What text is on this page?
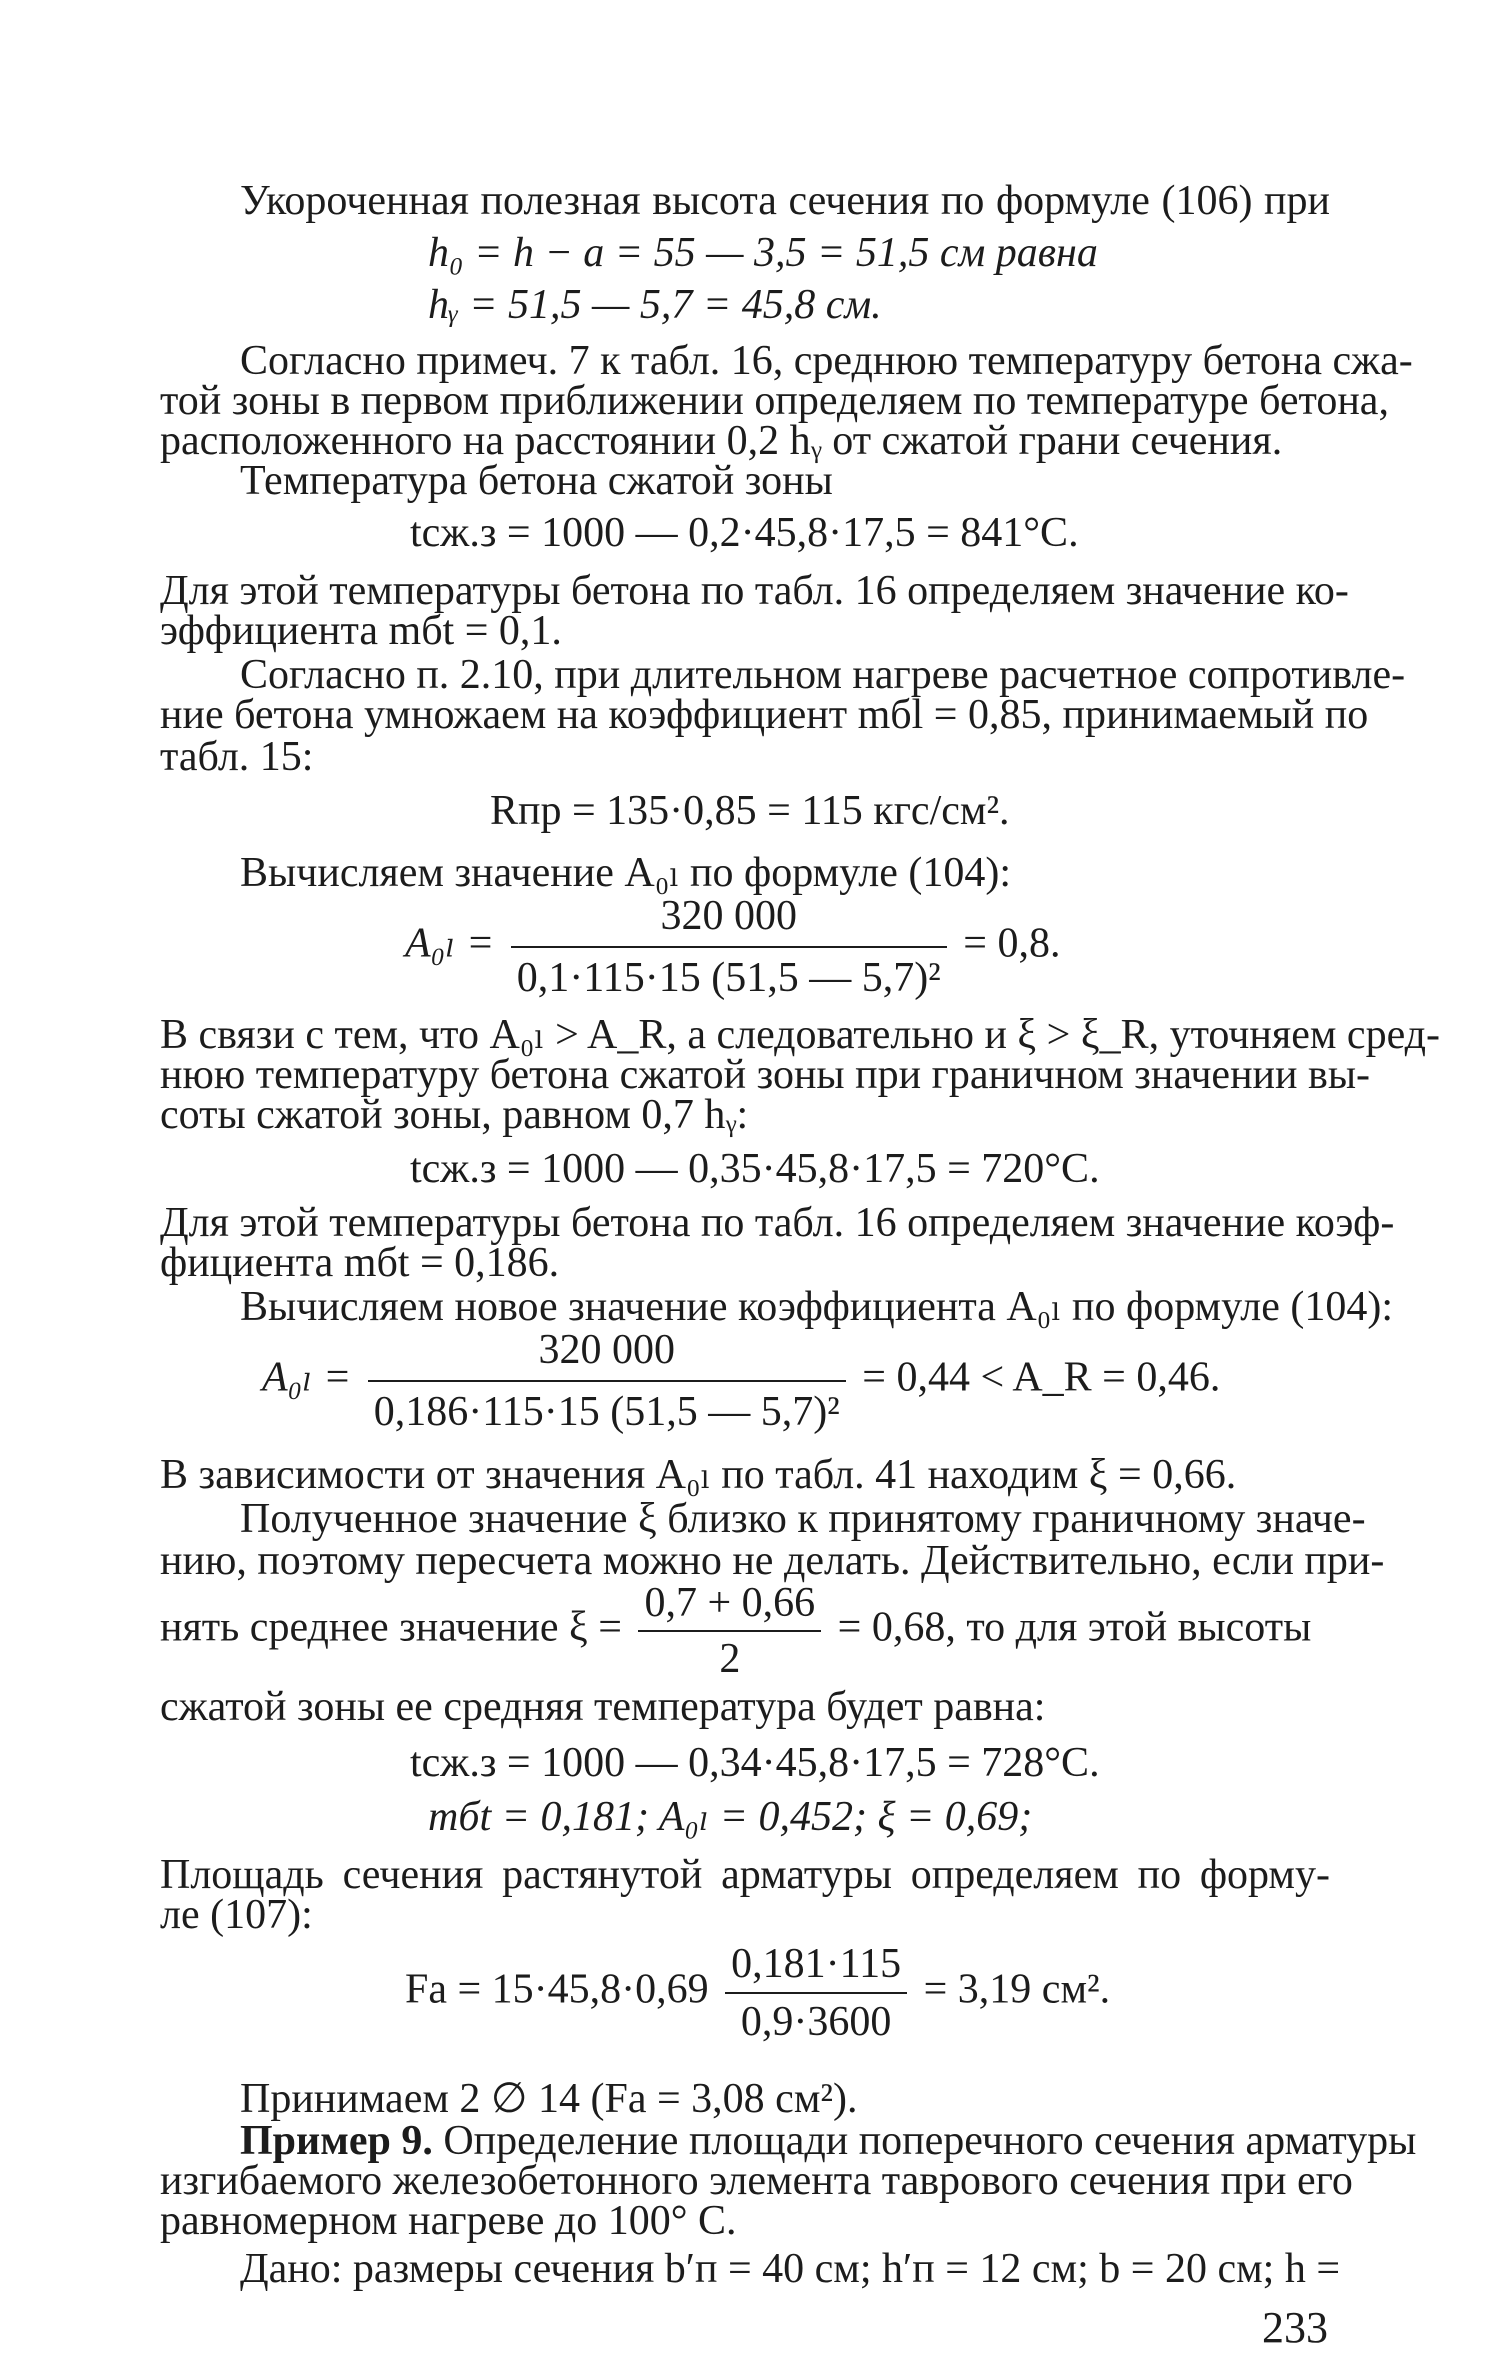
Укороченная полезная высота сечения по формуле (106) при
h₀ = h − a = 55 — 3,5 = 51,5 см равна
hᵧ = 51,5 — 5,7 = 45,8 см.
Согласно примеч. 7 к табл. 16, среднюю температуру бетона сжа-
той зоны в первом приближении определяем по температуре бетона,
расположенного на расстоянии 0,2 hᵧ от сжатой грани сечения.
Температура бетона сжатой зоны
tсж.з = 1000 — 0,2·45,8·17,5 = 841°C.
Для этой температуры бетона по табл. 16 определяем значение ко-
эффициента mбt = 0,1.
Согласно п. 2.10, при длительном нагреве расчетное сопротивле-
ние бетона умножаем на коэффициент mбl = 0,85, принимаемый по
табл. 15:
Rпр = 135·0,85 = 115 кгс/см².
Вычисляем значение A₀ₗ по формуле (104):
$A_{0l} = \frac{320 000}{\text{0,1·115·15 (51,5 — 5,7)²}} = 0,8$.
В связи с тем, что A₀ₗ > A_R, а следовательно и ξ > ξ_R, уточняем сред-
нюю температуру бетона сжатой зоны при граничном значении вы-
соты сжатой зоны, равном 0,7 hᵧ:
tсж.з = 1000 — 0,35·45,8·17,5 = 720°C.
Для этой температуры бетона по табл. 16 определяем значение коэф-
фициента mбt = 0,186.
Вычисляем новое значение коэффициента A₀ₗ по формуле (104):
$A_{0l} = \frac{320 000}{\text{0,186·115·15 (51,5 — 5,7)²}} = 0,44$ < A_R = 0,46.
В зависимости от значения A₀ₗ по табл. 41 находим ξ = 0,66.
Полученное значение ξ близко к принятому граничному значе-
нию, поэтому пересчета можно не делать. Действительно, если при-
нять среднее значение $\xi = \frac{0,7 + 0,66}{2} = 0,68$, то для этой высоты
сжатой зоны ее средняя температура будет равна:
tсж.з = 1000 — 0,34·45,8·17,5 = 728°C.
mбt = 0,181; A₀ₗ = 0,452; ξ = 0,69;
Площадь сечения растянутой арматуры определяем по форму-
ле (107):
Fа = $15\cdot 45,8\cdot 0,69 \frac{0,181\cdot 115}{0,9\cdot 3600} = 3,19$ см².
Принимаем 2 ∅ 14 (Fа = 3,08 см²).
Пример 9. Определение площади поперечного сечения арматуры
изгибаемого железобетонного элемента таврового сечения при его
равномерном нагреве до 100° С.
Дано: размеры сечения b′п = 40 см; h′п = 12 см; b = 20 см; h =
233
